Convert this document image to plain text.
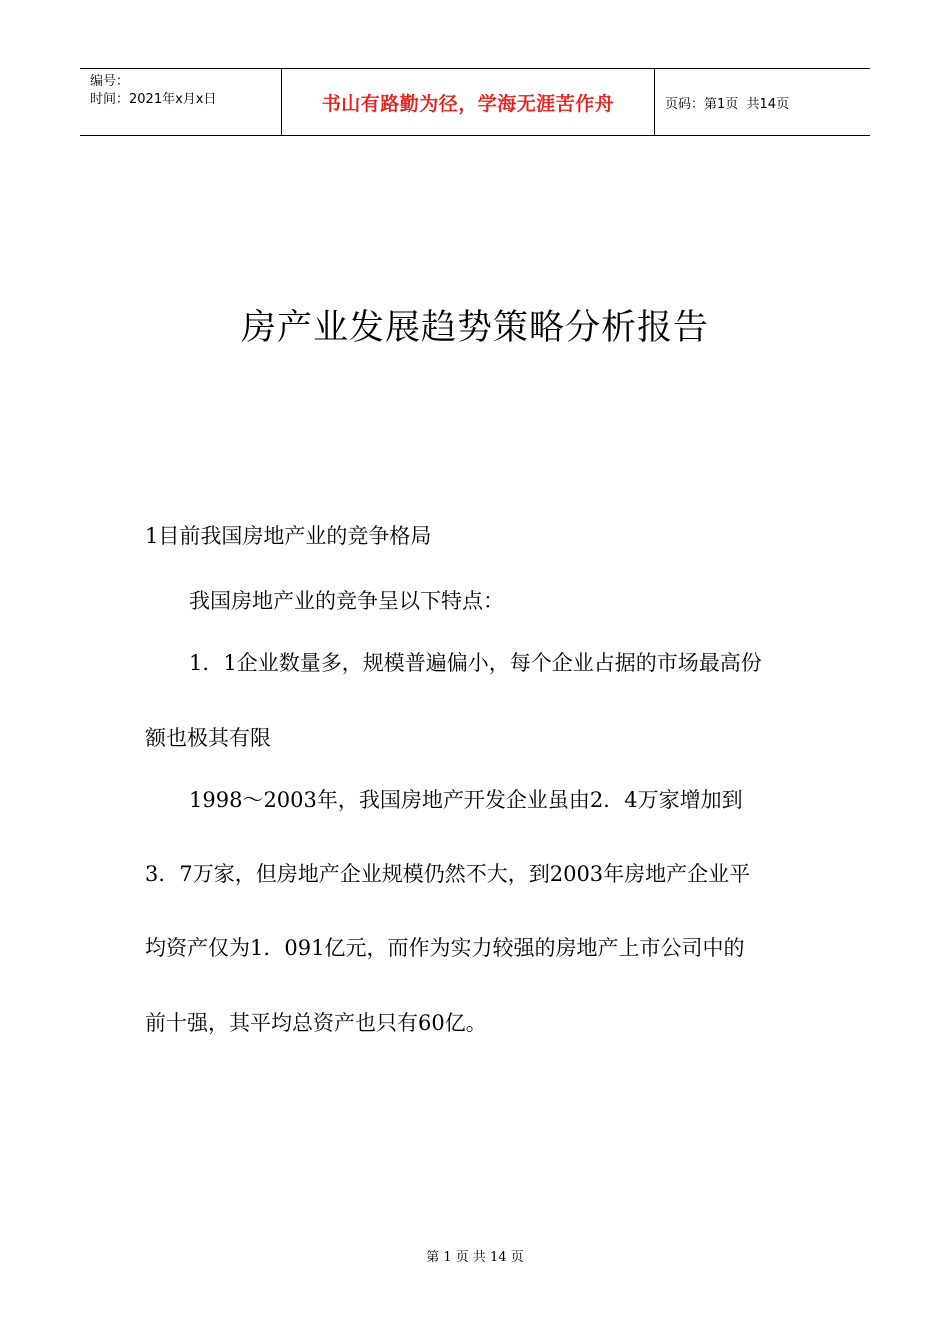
编号：
时间：2021年x月x日	书山有路勤为径，学海无涯苦作舟	页码：第1页  共14页
房产业发展趋势策略分析报告

1目前我国房地产业的竞争格局

我国房地产业的竞争呈以下特点：

1．1企业数量多，规模普遍偏小，每个企业占据的市场最高份

额也极其有限

1998～2003年，我国房地产开发企业虽由2．4万家增加到

3．7万家，但房地产企业规模仍然不大，到2003年房地产企业平

均资产仅为1．091亿元，而作为实力较强的房地产上市公司中的

前十强，其平均总资产也只有60亿。

第 1 页 共 14 页
